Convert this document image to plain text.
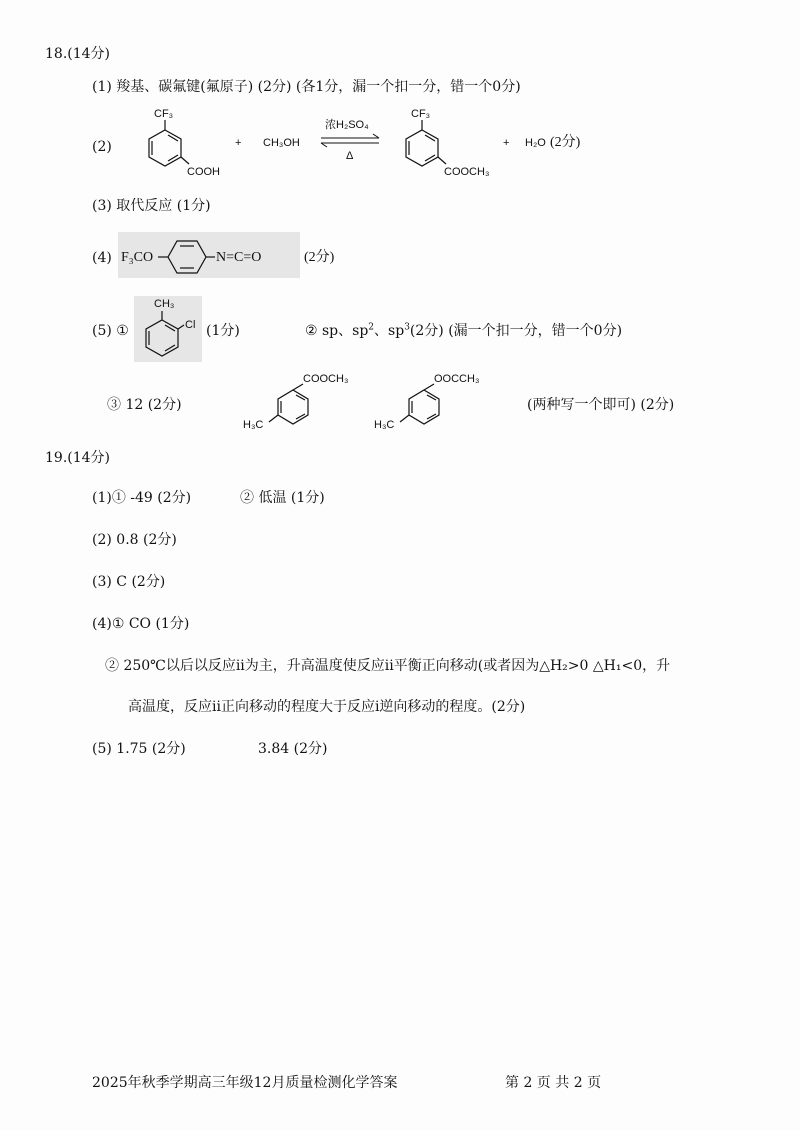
18.(14分)
(1) 羧基、碳氟键(氟原子) (2分) (各1分，漏一个扣一分，错一个0分)
(2)
CF₃
COOH
+ CH₃OH
浓H₂SO₄
Δ
CF₃
COOCH₃
+ H₂O (2分)
(3) 取代反应 (1分)
(4) F₃CO	N=C=O	(2分)
(5) ①
CH₃
Cl (1分)	② sp、$sp^2$、$sp^3(2$分) (漏一个扣一分，错一个0分)
③ 12 (2分)
COOCH₃
H₃C
OOCCH₃
H₃C
(两种写一个即可) (2分)
19.(14分)
(1)① -49 (2分)	② 低温 (1分)
(2) 0.8 (2分)
(3) C (2分)
(4)① CO (1分)
② 250℃以后以反应ii为主，升高温度使反应ii平衡正向移动(或者因为△H₂>0 △H₁<0，升
高温度，反应ii正向移动的程度大于反应i逆向移动的程度。(2分)
(5) 1.75 (2分)	3.84 (2分)
2025年秋季学期高三年级12月质量检测化学答案	第 2 页 共 2 页
